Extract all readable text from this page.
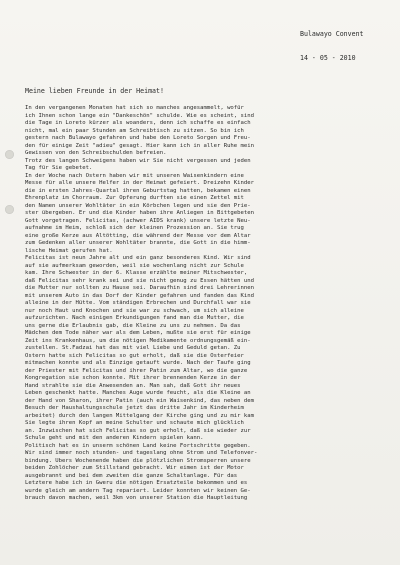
Bulawayo Convent

14 - 05 - 2010

Meine lieben Freunde in der Heimat!
In den vergangenen Monaten hat sich so manches angesammelt, wofür
ich Ihnen schon lange ein "Dankeschön" schulde. Wie es scheint, sind
die Tage in Loreto kürzer als woanders, denn ich schaffe es einfach
nicht, mal ein paar Stunden am Schreibtisch zu sitzen. So bin ich
gestern nach Bulawayo gefahren und habe den Loreto Sorgen und Freu-
den für einige Zeit "adieu" gesagt. Hier kann ich in aller Ruhe mein
Gewissen von den Schreibschulden befreien.
Trotz des langen Schweigens haben wir Sie nicht vergessen und jeden
Tag für Sie gebetet.
In der Woche nach Ostern haben wir mit unseren Waisenkindern eine
Messe für alle unsere Helfer in der Heimat gefeiert. Dreizehn Kinder
die in ersten Jahres-Quartal ihren Geburtstag hatten, bekamen einen
Ehrenplatz im Chorraum. Zur Opferung durften sie einen Zettel mit
den Namen unserer Wohltäter in ein Körbchen legen und sie den Prie-
ster übergeben. Er und die Kinder haben ihre Anliegen in Bittgebeten
Gott vorgetragen. Felicitas, (achwer AIDS krank) unsere letzte Neu-
aufnahme im Heim, schloß sich der kleinen Prozession an. Sie trug
eine große Kerze aus Altötting, die während der Messe vor dem Altar
zum Gedenken aller unserer Wohltäter brannte, die Gott in die himm-
lische Heimat gerufen hat.
Felicitas ist neun Jahre alt und ein ganz besonderes Kind. Wir sind
auf sie aufmerksam geworden, weil sie wochenlang nicht zur Schule
kam. Ihre Schwester in der 6. Klasse erzählte meiner Mitschwester,
daß Felicitas sehr krank sei und sie nicht genug zu Essen hätten und
die Mutter nur sollten zu Hause sei. Daraufhin sind drei Lehrerinnen
mit unserem Auto in das Dorf der Kinder gefahren und fanden das Kind
alleine in der Hütte. Vom ständigen Erbrechen und Durchfall war sie
nur noch Haut und Knochen und sie war zu schwach, um sich alleine
aufzurichten. Nach einigen Erkundigungen fand man die Mutter, die
uns gerne die Erlaubnis gab, die Kleine zu uns zu nehmen. Da das
Mädchen dem Tode näher war als dem Leben, mußte sie erst für einige
Zeit ins Krankenhaus, um die nötigen Medikamente ordnungsgemäß ein-
zustellen. St.Fadzai hat das mit viel Liebe und Geduld getan. Zu
Ostern hatte sich Felicitas so gut erholt, daß sie die Osterfeier
mitmachen konnte und als Einzige getauft wurde. Nach der Taufe ging
der Priester mit Felicitas und ihrer Patin zum Altar, wo die ganze
Kongregation sie schon konnte. Mit ihrer brennenden Kerze in der
Hand strahlte sie die Anwesenden an. Man sah, daß Gott ihr neues
Leben geschenkt hatte. Manches Auge wurde feucht, als die Kleine an
der Hand von Sharon, ihrer Patin (auch ein Waisenkind, das neben dem
Besuch der Haushaltungsschule jetzt das dritte Jahr im Kinderheim
arbeitet) durch den langen Mittelgang der Kirche ging und zu mir kam
Sie legte ihren Kopf an meine Schulter und schaute mich glücklich
an. Inzwischen hat sich Felicitas so gut erholt, daß sie wieder zur
Schule geht und mit den anderen Kindern spielen kann.
Politisch hat es in unserm schönen Land keine Fortschritte gegeben.
Wir sind immer noch stunden- und tageslang ohne Strom und Telefonver-
bindung. Übers Wochenende haben die plötzlichen Stromsperren unsere
beiden Zohlöcher zum Stillstand gebracht. Wir eimen ist der Motor
ausgebrannt und bei dem zweiten die ganze Schaltanlage. Für das
Letztere habe ich in Gweru die nötigen Ersatzteile bekommen und es
wurde gleich am andern Tag repariert. Leider konnten wir keinen Ge-
brauch davon machen, weil 3km von unserer Station die Hauptleitung
